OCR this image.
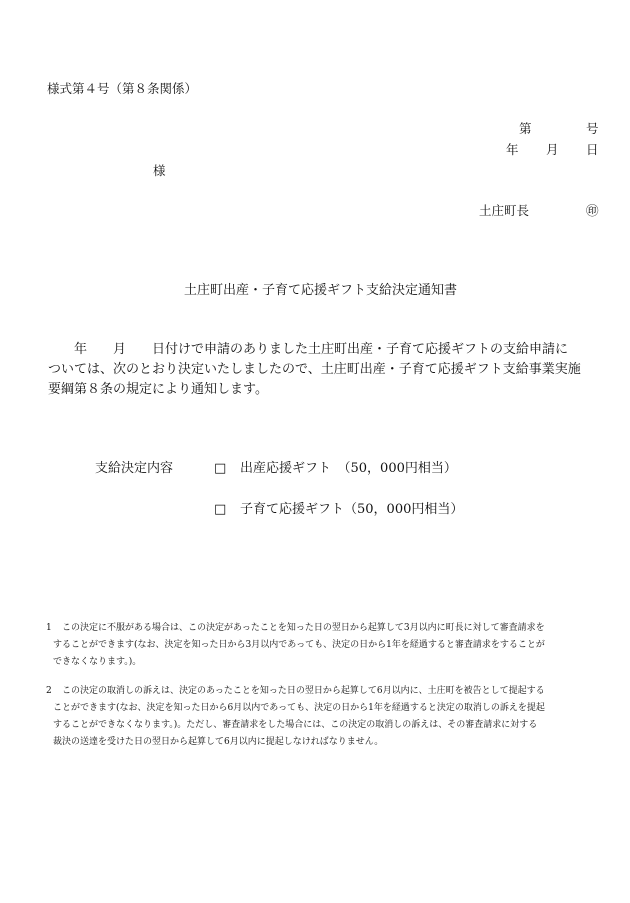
様式第４号（第８条関係）
第	号
年 月 日
様
土庄町長	㊞
土庄町出産・子育て応援ギフト支給決定通知書
　　年　　月　　日付けで申請のありました土庄町出産・子育て応援ギフトの支給申請に
ついては、次のとおり決定いたしましたので、土庄町出産・子育て応援ギフト支給事業実施
要綱第８条の規定により通知します。
支給決定内容	□ 出産応援ギフト　（50，000円相当）
□ 子育て応援ギフト（50，000円相当）
1 この決定に不服がある場合は、この決定があったことを知った日の翌日から起算して3月以内に町長に対して審査請求を
することができます(なお、決定を知った日から3月以内であっても、決定の日から1年を経過すると審査請求をすることが
できなくなります。)。
2 この決定の取消しの訴えは、決定のあったことを知った日の翌日から起算して6月以内に、土庄町を被告として提起する
ことができます(なお、決定を知った日から6月以内であっても、決定の日から1年を経過すると決定の取消しの訴えを提起
することができなくなります。)。ただし、審査請求をした場合には、この決定の取消しの訴えは、その審査請求に対する
裁決の送達を受けた日の翌日から起算して6月以内に提起しなければなりません。
